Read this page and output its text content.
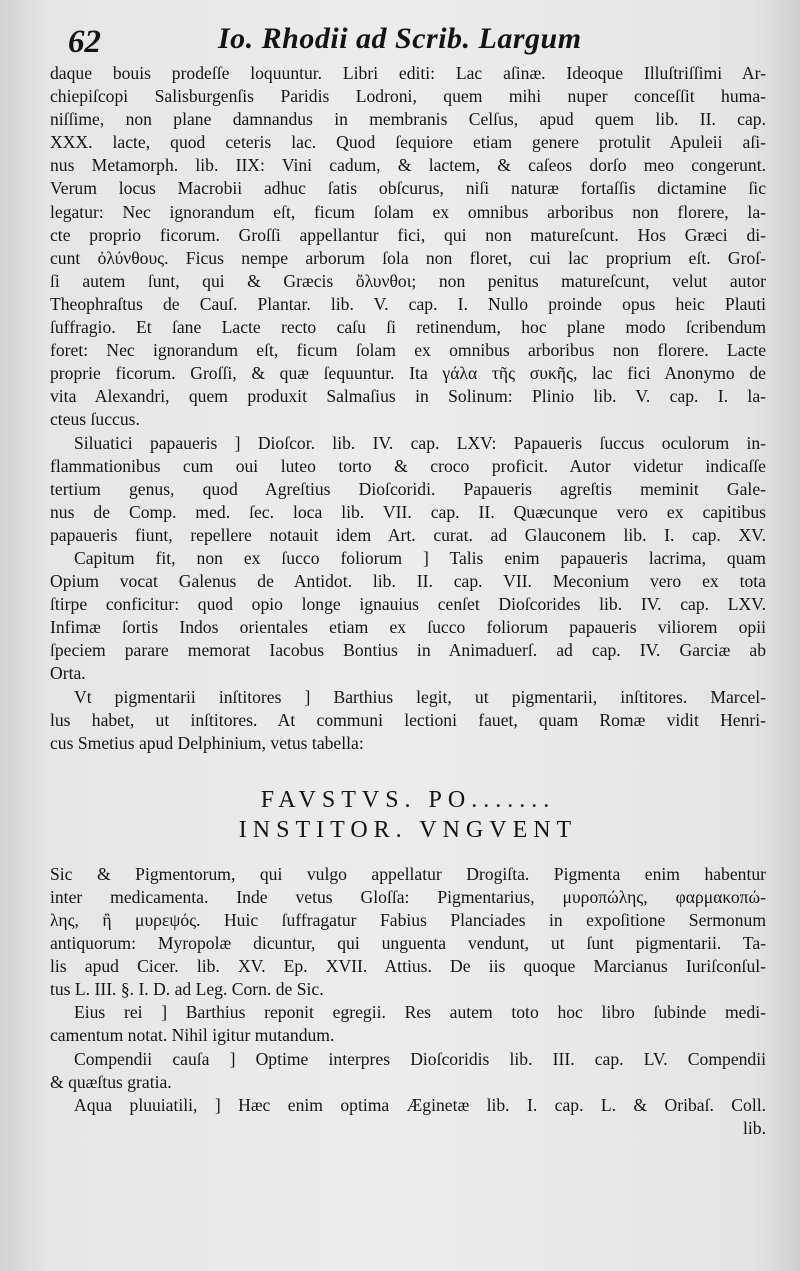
62	Io. Rhodii ad Scrib. Largum
daque bouis prodeſſe loquuntur. Libri editi: Lac aſinæ. Ideoque Illuſtriſſimi Ar-
chiepiſcopi Salisburgenſis Paridis Lodroni, quem mihi nuper conceſſit huma-
niſſime, non plane damnandus in membranis Celſus, apud quem lib. II. cap.
XXX. lacte, quod ceteris lac. Quod ſequiore etiam genere protulit Apuleii aſi-
nus Metamorph. lib. IIX: Vini cadum, & lactem, & caſeos dorſo meo congerunt.
Verum locus Macrobii adhuc ſatis obſcurus, niſi naturæ fortaſſis dictamine ſic
legatur: Nec ignorandum eſt, ficum ſolam ex omnibus arboribus non florere, la-
cte proprio ficorum. Groſſi appellantur fici, qui non matureſcunt. Hos Græci di-
cunt ὀλύνθους. Ficus nempe arborum ſola non floret, cui lac proprium eſt. Groſ-
ſi autem ſunt, qui & Græcis ὄλυνθοι; non penitus matureſcunt, velut autor
Theophraſtus de Cauſ. Plantar. lib. V. cap. I. Nullo proinde opus heic Plauti
ſuffragio. Et ſane Lacte recto caſu ſi retinendum, hoc plane modo ſcribendum
foret: Nec ignorandum eſt, ficum ſolam ex omnibus arboribus non florere. Lacte
proprie ficorum. Groſſi, & quæ ſequuntur. Ita γάλα τῆς συκῆς, lac fici Anonymo de
vita Alexandri, quem produxit Salmaſius in Solinum: Plinio lib. V. cap. I. la-
cteus ſuccus.
Siluatici papaueris ] Dioſcor. lib. IV. cap. LXV: Papaueris ſuccus oculorum in-
flammationibus cum oui luteo torto & croco proficit. Autor videtur indicaſſe
tertium genus, quod Agreſtius Dioſcoridi. Papaueris agreſtis meminit Gale-
nus de Comp. med. ſec. loca lib. VII. cap. II. Quæcunque vero ex capitibus
papaueris fiunt, repellere notauit idem Art. curat. ad Glauconem lib. I. cap. XV.
Capitum fit, non ex ſucco foliorum ] Talis enim papaueris lacrima, quam
Opium vocat Galenus de Antidot. lib. II. cap. VII. Meconium vero ex tota
ſtirpe conficitur: quod opio longe ignauius cenſet Dioſcorides lib. IV. cap. LXV.
Infimæ ſortis Indos orientales etiam ex ſucco foliorum papaueris viliorem opii
ſpeciem parare memorat Iacobus Bontius in Animaduerſ. ad cap. IV. Garciæ ab
Orta.
Vt pigmentarii inſtitores ] Barthius legit, ut pigmentarii, inſtitores. Marcel-
lus habet, ut inſtitores. At communi lectioni fauet, quam Romæ vidit Henri-
cus Smetius apud Delphinium, vetus tabella:
FAVSTVS. PO.......
INSTITOR. VNGVENT
Sic & Pigmentorum, qui vulgo appellatur Drogiſta. Pigmenta enim habentur
inter medicamenta. Inde vetus Gloſſa: Pigmentarius, μυροπώλης, φαρμακοπώ-
λης, ἢ μυρεψός. Huic ſuffragatur Fabius Planciades in expoſitione Sermonum
antiquorum: Myropolæ dicuntur, qui unguenta vendunt, ut ſunt pigmentarii. Ta-
lis apud Cicer. lib. XV. Ep. XVII. Attius. De iis quoque Marcianus Iuriſconſul-
tus L. III. §. I. D. ad Leg. Corn. de Sic.
Eius rei ] Barthius reponit egregii. Res autem toto hoc libro ſubinde medi-
camentum notat. Nihil igitur mutandum.
Compendii cauſa ] Optime interpres Dioſcoridis lib. III. cap. LV. Compendii
& quæſtus gratia.
Aqua pluuiatili, ] Hæc enim optima Æginetæ lib. I. cap. L. & Oribaſ. Coll.
lib.
